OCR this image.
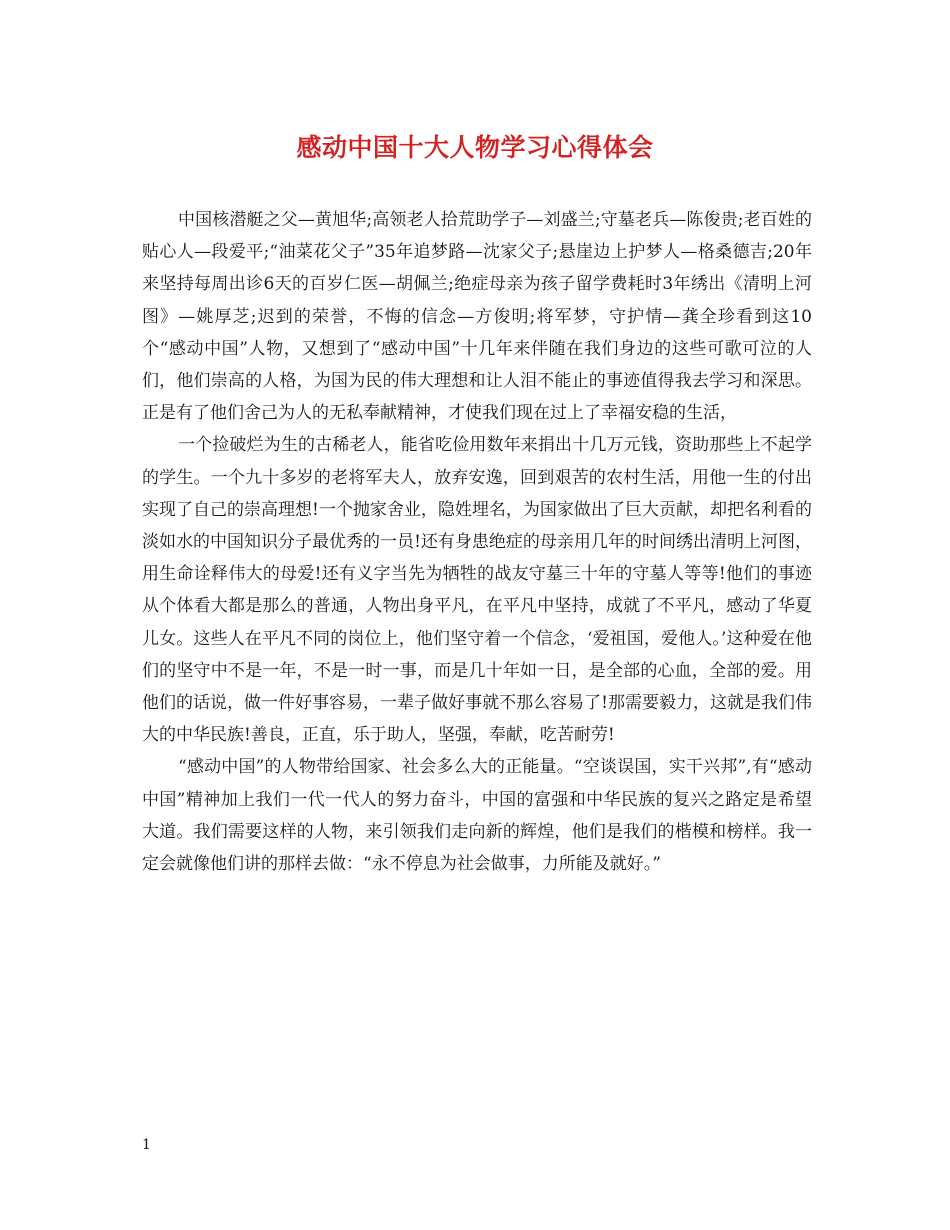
感动中国十大人物学习心得体会

中国核潜艇之父—黄旭华;高领老人拾荒助学子—刘盛兰;守墓老兵—陈俊贵;老百姓的贴心人—段爱平;“油菜花父子”35年追梦路—沈家父子;悬崖边上护梦人—格桑德吉;20年来坚持每周出诊6天的百岁仁医—胡佩兰;绝症母亲为孩子留学费耗时3年绣出《清明上河图》—姚厚芝;迟到的荣誉，不悔的信念—方俊明;将军梦，守护情—龚全珍看到这10个“感动中国”人物，又想到了“感动中国”十几年来伴随在我们身边的这些可歌可泣的人们，他们崇高的人格，为国为民的伟大理想和让人泪不能止的事迹值得我去学习和深思。正是有了他们舍己为人的无私奉献精神，才使我们现在过上了幸福安稳的生活，

一个捡破烂为生的古稀老人，能省吃俭用数年来捐出十几万元钱，资助那些上不起学的学生。一个九十多岁的老将军夫人，放弃安逸，回到艰苦的农村生活，用他一生的付出实现了自己的崇高理想!一个抛家舍业，隐姓埋名，为国家做出了巨大贡献，却把名利看的淡如水的中国知识分子最优秀的一员!还有身患绝症的母亲用几年的时间绣出清明上河图，用生命诠释伟大的母爱!还有义字当先为牺牲的战友守墓三十年的守墓人等等!他们的事迹从个体看大都是那么的普通，人物出身平凡，在平凡中坚持，成就了不平凡，感动了华夏儿女。这些人在平凡不同的岗位上，他们坚守着一个信念，‘爱祖国，爱他人。’这种爱在他们的坚守中不是一年，不是一时一事，而是几十年如一日，是全部的心血，全部的爱。用他们的话说，做一件好事容易，一辈子做好事就不那么容易了!那需要毅力，这就是我们伟大的中华民族!善良，正直，乐于助人，坚强，奉献，吃苦耐劳!

“感动中国”的人物带给国家、社会多么大的正能量。“空谈误国，实干兴邦”,有“感动中国”精神加上我们一代一代人的努力奋斗，中国的富强和中华民族的复兴之路定是希望大道。我们需要这样的人物，来引领我们走向新的辉煌，他们是我们的楷模和榜样。我一定会就像他们讲的那样去做：“永不停息为社会做事，力所能及就好。”

1
